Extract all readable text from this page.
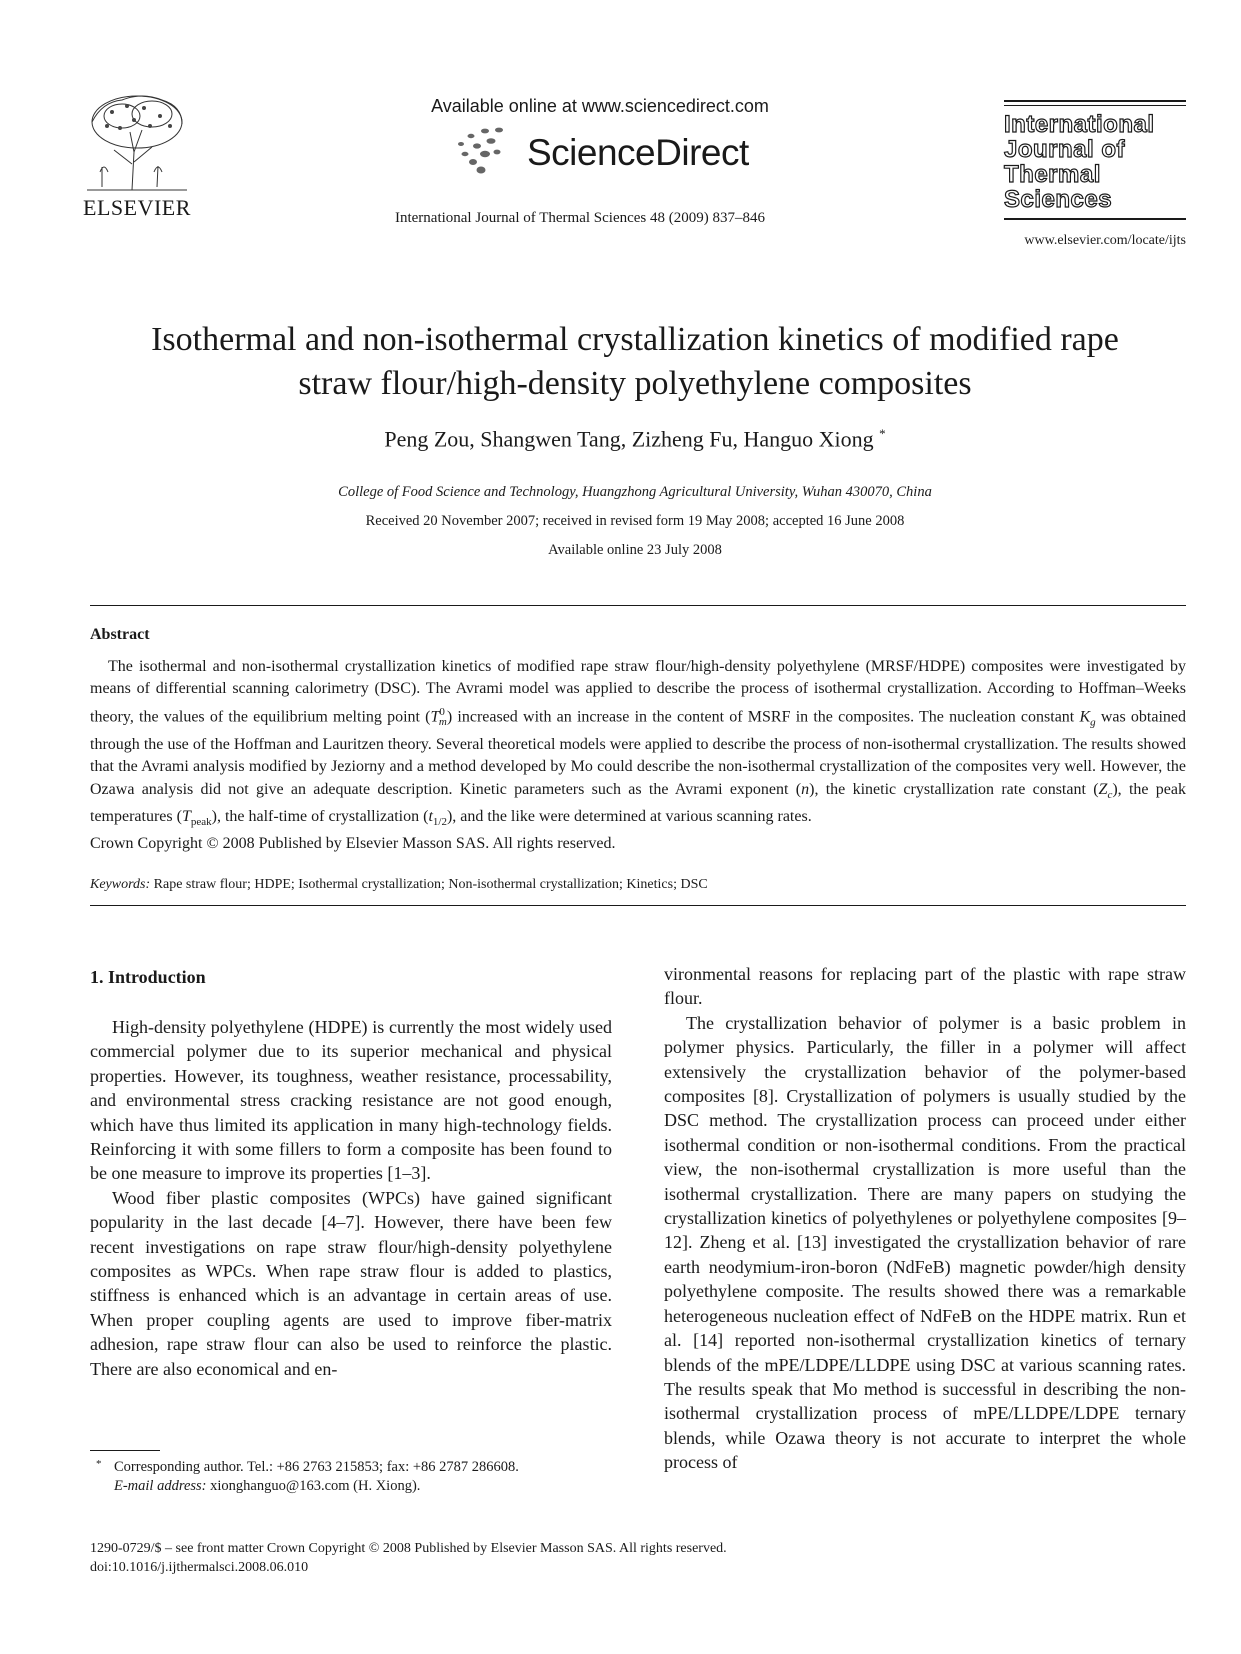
ELSEVIER
Available online at www.sciencedirect.com
ScienceDirect
International Journal of Thermal Sciences 48 (2009) 837–846
International
Journal of
Thermal
Sciences
www.elsevier.com/locate/ijts
Isothermal and non-isothermal crystallization kinetics of modified rape
straw flour/high-density polyethylene composites
Peng Zou, Shangwen Tang, Zizheng Fu, Hanguo Xiong *
College of Food Science and Technology, Huangzhong Agricultural University, Wuhan 430070, China
Received 20 November 2007; received in revised form 19 May 2008; accepted 16 June 2008
Available online 23 July 2008
Abstract

The isothermal and non-isothermal crystallization kinetics of modified rape straw flour/high-density polyethylene (MRSF/HDPE) composites were investigated by means of differential scanning calorimetry (DSC). The Avrami model was applied to describe the process of isothermal crystallization. According to Hoffman–Weeks theory, the values of the equilibrium melting point $(T^0_m)$ increased with an increase in the content of MSRF in the composites. The nucleation constant $K_g$ was obtained through the use of the Hoffman and Lauritzen theory. Several theoretical models were applied to describe the process of non-isothermal crystallization. The results showed that the Avrami analysis modified by Jeziorny and a method developed by Mo could describe the non-isothermal crystallization of the composites very well. However, the Ozawa analysis did not give an adequate description. Kinetic parameters such as the Avrami exponent (n), the kinetic crystallization rate constant $(Z_c)$, the peak temperatures $(T_{peak})$, the half-time of crystallization $(t_{1/2})$, and the like were determined at various scanning rates.

Crown Copyright © 2008 Published by Elsevier Masson SAS. All rights reserved.
Keywords: Rape straw flour; HDPE; Isothermal crystallization; Non-isothermal crystallization; Kinetics; DSC
1. Introduction

High-density polyethylene (HDPE) is currently the most widely used commercial polymer due to its superior mechanical and physical properties. However, its toughness, weather resistance, processability, and environmental stress cracking resistance are not good enough, which have thus limited its application in many high-technology fields. Reinforcing it with some fillers to form a composite has been found to be one measure to improve its properties [1–3].

Wood fiber plastic composites (WPCs) have gained significant popularity in the last decade [4–7]. However, there have been few recent investigations on rape straw flour/high-density polyethylene composites as WPCs. When rape straw flour is added to plastics, stiffness is enhanced which is an advantage in certain areas of use. When proper coupling agents are used to improve fiber-matrix adhesion, rape straw flour can also be used to reinforce the plastic. There are also economical and en-

vironmental reasons for replacing part of the plastic with rape straw flour.

The crystallization behavior of polymer is a basic problem in polymer physics. Particularly, the filler in a polymer will affect extensively the crystallization behavior of the polymer-based composites [8]. Crystallization of polymers is usually studied by the DSC method. The crystallization process can proceed under either isothermal condition or non-isothermal conditions. From the practical view, the non-isothermal crystallization is more useful than the isothermal crystallization. There are many papers on studying the crystallization kinetics of polyethylenes or polyethylene composites [9–12]. Zheng et al. [13] investigated the crystallization behavior of rare earth neodymium-iron-boron (NdFeB) magnetic powder/high density polyethylene composite. The results showed there was a remarkable heterogeneous nucleation effect of NdFeB on the HDPE matrix. Run et al. [14] reported non-isothermal crystallization kinetics of ternary blends of the mPE/LDPE/LLDPE using DSC at various scanning rates. The results speak that Mo method is successful in describing the non-isothermal crystallization process of mPE/LLDPE/LDPE ternary blends, while Ozawa theory is not accurate to interpret the whole process of

* Corresponding author. Tel.: +86 2763 215853; fax: +86 2787 286608.
E-mail address: xionghanguo@163.com (H. Xiong).
1290-0729/$ – see front matter Crown Copyright © 2008 Published by Elsevier Masson SAS. All rights reserved.
doi:10.1016/j.ijthermalsci.2008.06.010
